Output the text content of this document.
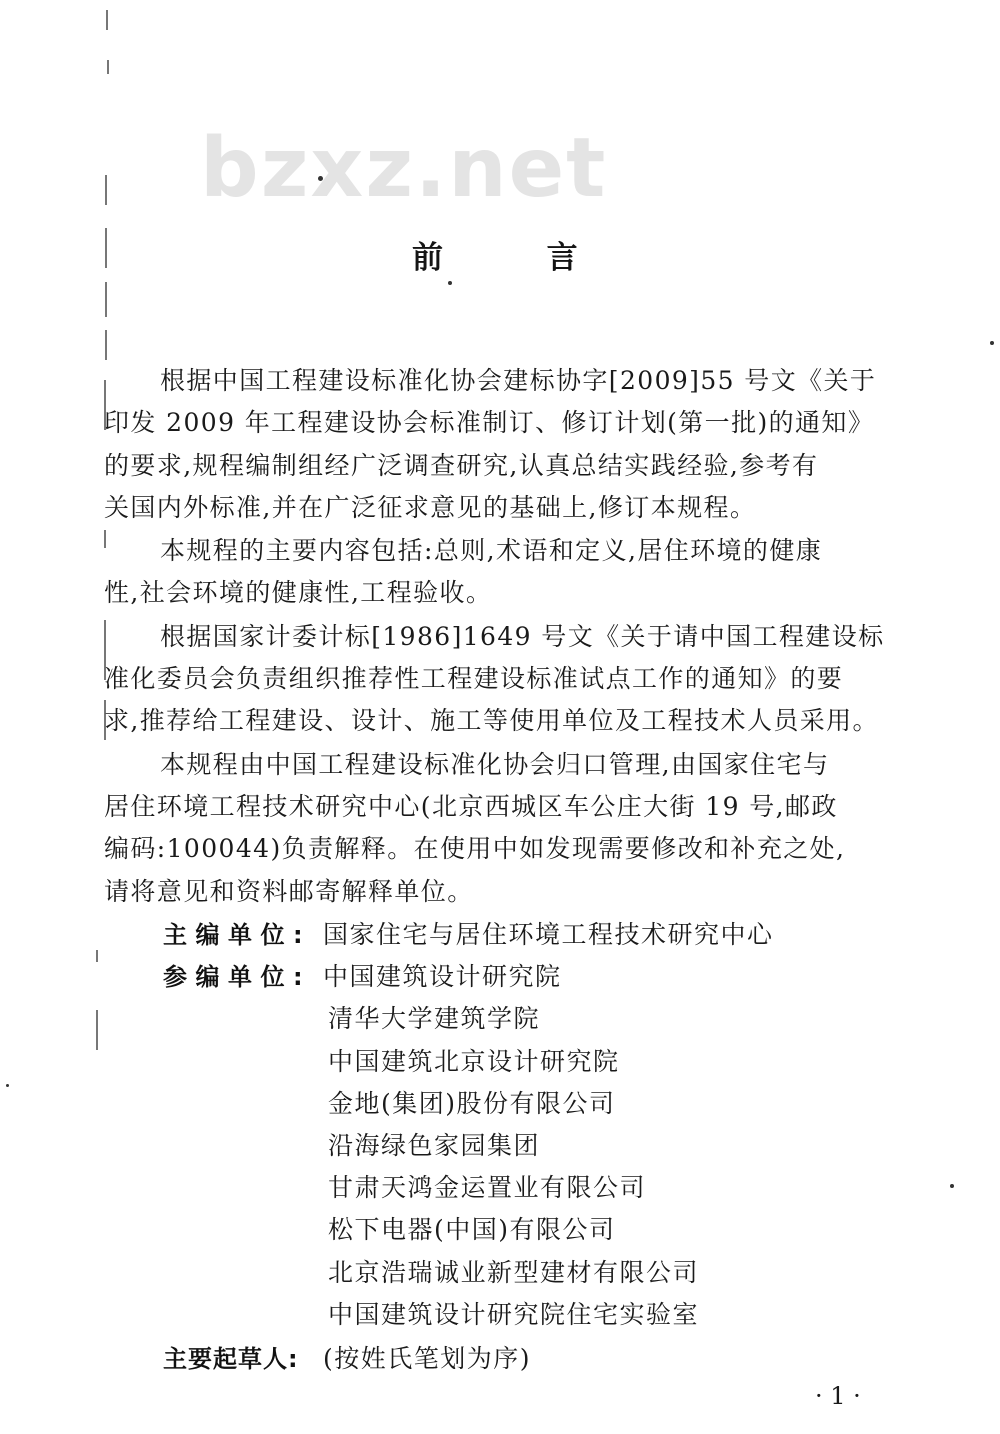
bzxz.net
前	言

根据中国工程建设标准化协会建标协字[2009]55 号文《关于
印发 2009 年工程建设协会标准制订、修订计划(第一批)的通知》
的要求,规程编制组经广泛调查研究,认真总结实践经验,参考有
关国内外标准,并在广泛征求意见的基础上,修订本规程。

本规程的主要内容包括:总则,术语和定义,居住环境的健康
性,社会环境的健康性,工程验收。

根据国家计委计标[1986]1649 号文《关于请中国工程建设标
准化委员会负责组织推荐性工程建设标准试点工作的通知》的要
求,推荐给工程建设、设计、施工等使用单位及工程技术人员采用。

本规程由中国工程建设标准化协会归口管理,由国家住宅与
居住环境工程技术研究中心(北京西城区车公庄大街 19 号,邮政
编码:100044)负责解释。在使用中如发现需要修改和补充之处,
请将意见和资料邮寄解释单位。

主编单位: 国家住宅与居住环境工程技术研究中心
参编单位: 中国建筑设计研究院
清华大学建筑学院
中国建筑北京设计研究院
金地(集团)股份有限公司
沿海绿色家园集团
甘肃天鸿金运置业有限公司
松下电器(中国)有限公司
北京浩瑞诚业新型建材有限公司
中国建筑设计研究院住宅实验室
主要起草人: (按姓氏笔划为序)
· 1 ·
